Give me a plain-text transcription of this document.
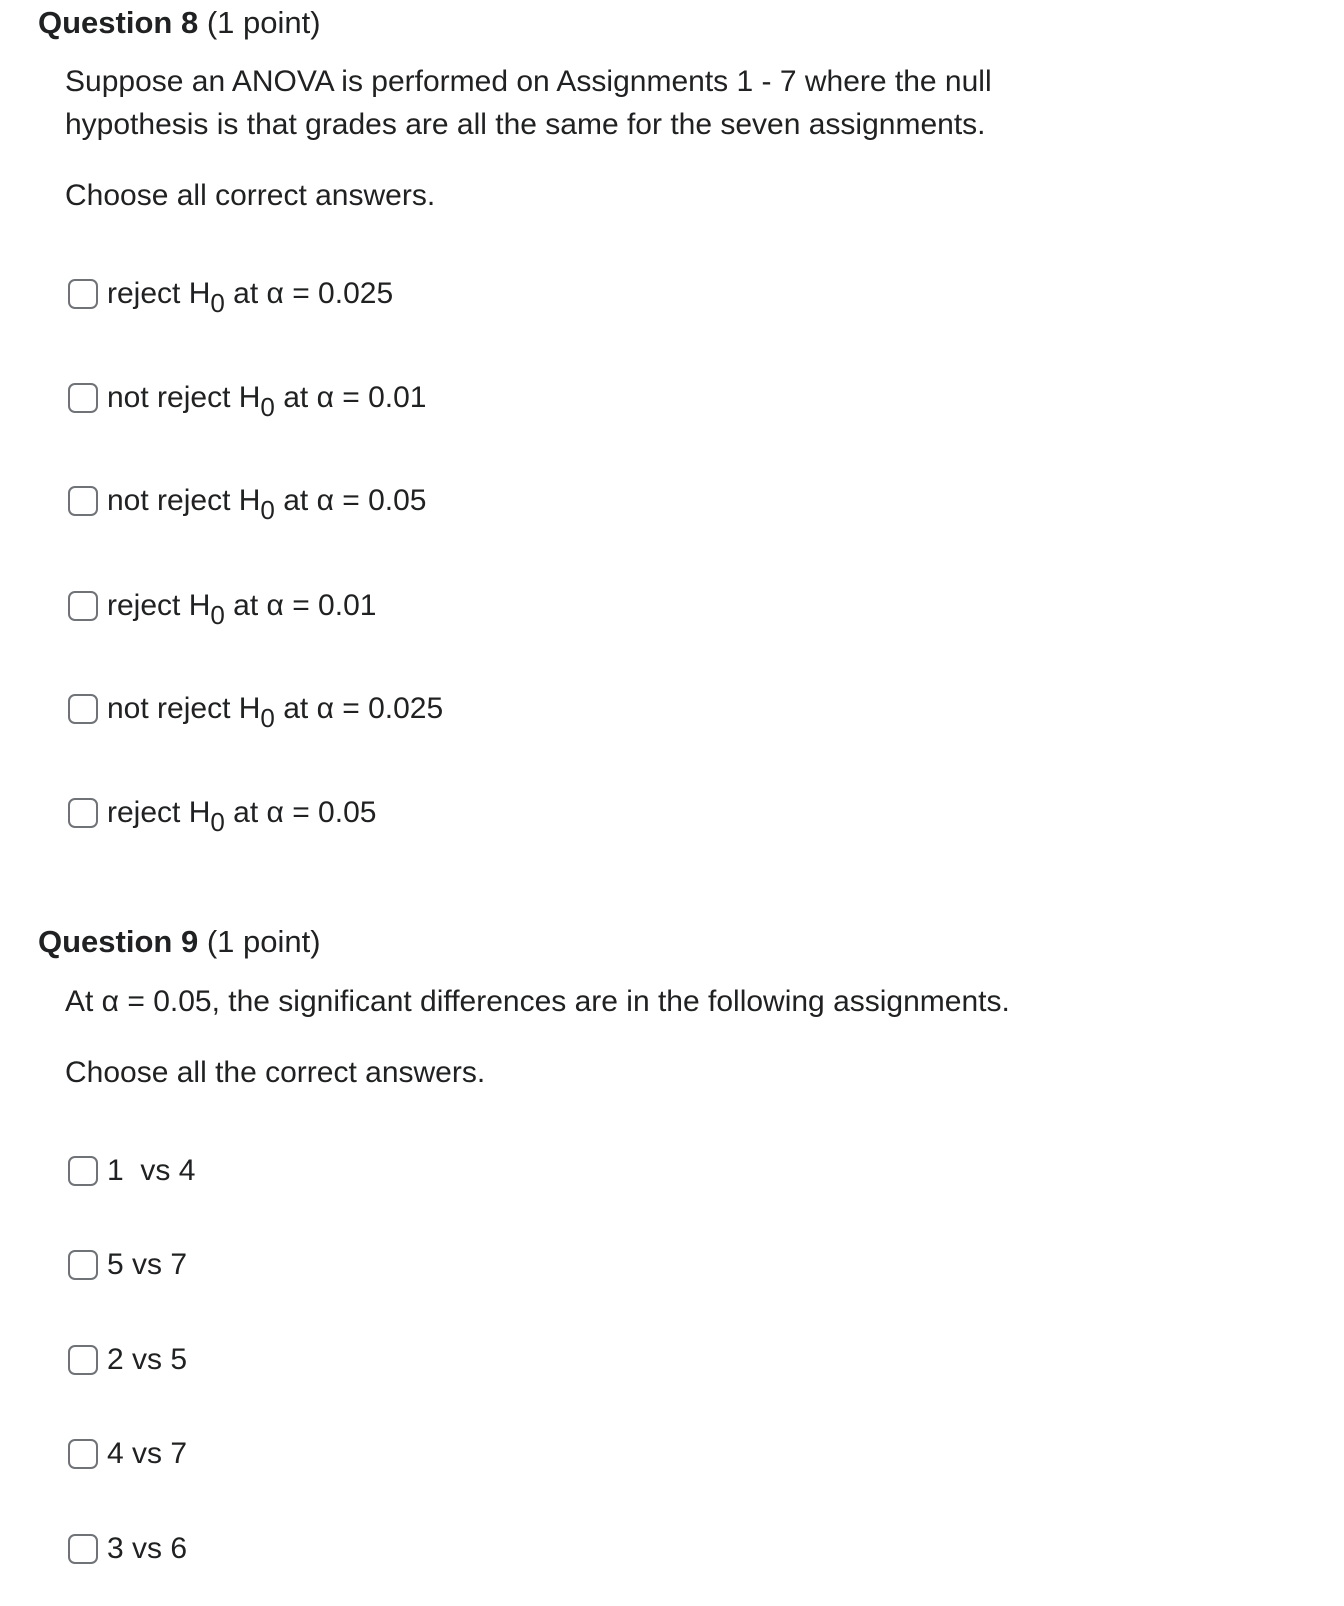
Question 8 (1 point)
Suppose an ANOVA is performed on Assignments 1 - 7 where the null
hypothesis is that grades are all the same for the seven assignments.
Choose all correct answers.
reject $H_0$ at α = 0.025
not reject $H_0$ at α = 0.01
not reject $H_0$ at α = 0.05
reject $H_0$ at α = 0.01
not reject $H_0$ at α = 0.025
reject $H_0$ at α = 0.05
Question 9 (1 point)
At α = 0.05, the significant differences are in the following assignments.
Choose all the correct answers.
1  vs 4
5 vs 7
2 vs 5
4 vs 7
3 vs 6
